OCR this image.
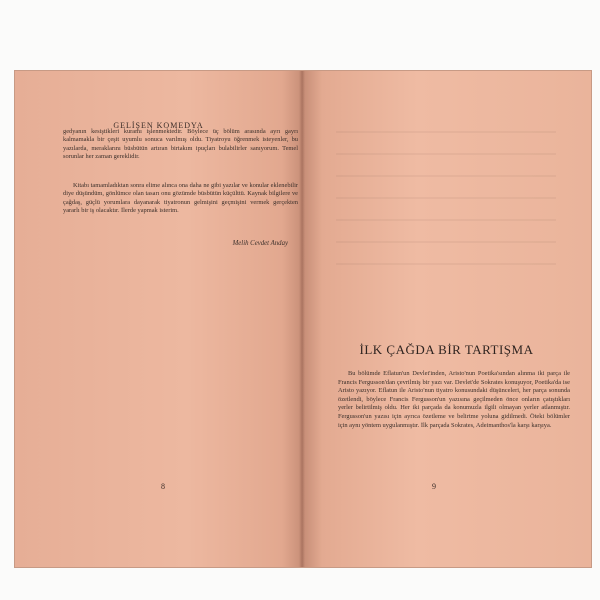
GELİŞEN KOMEDYA

gedyanın kesiştikleri kuramı işlenmektedir. Böylece üç bölüm arasında ayrı gayrı kalmamakla bir çeşit uyumlu sonuca varılmış oldu. Tiyatroyu öğrenmek isteyenler, bu yazılarda, meraklarını büsbütün artıran birtakım ipuçları bulabilirler sanıyorum. Temel sorunlar her zaman gereklidir.

Kitabı tamamladıktan sonra elime alınca ona daha ne gibi yazılar ve konular eklenebilir diye düşündüm, gönlümce olan tasarı onu gözümde büsbütün küçülttü. Kaynak bilgilere ve çağdaş, güçlü yorumlara dayanarak tiyatronun gelmişini geçmişini vermek gerçekten yararlı bir iş olacaktır. İlerde yapmak isterim.

Melih Cevdet Anday
8
İLK ÇAĞDA BİR TARTIŞMA

Bu bölümde Eflatun'un Devlet'inden, Aristo'nun Poetika'sından alınma iki parça ile Francis Fergusson'dan çevrilmiş bir yazı var. Devlet'de Sokrates konuşuyor, Poetika'da ise Aristo yazıyor. Eflatun ile Aristo'nun tiyatro konusundaki düşünceleri, her parça sonunda özetlendi, böylece Francis Fergusson'un yazısına geçilmeden önce onların çatıştıkları yerler belirtilmiş oldu. Her iki parçada da konumuzla ilgili olmayan yerler atlanmıştır. Fergusson'un yazısı için ayrıca özetleme ve belirtme yoluna gidilmedi. Öteki bölümler için aynı yöntem uygulanmıştır. İlk parçada Sokrates, Adeimanthos'la karşı karşıya.

9
